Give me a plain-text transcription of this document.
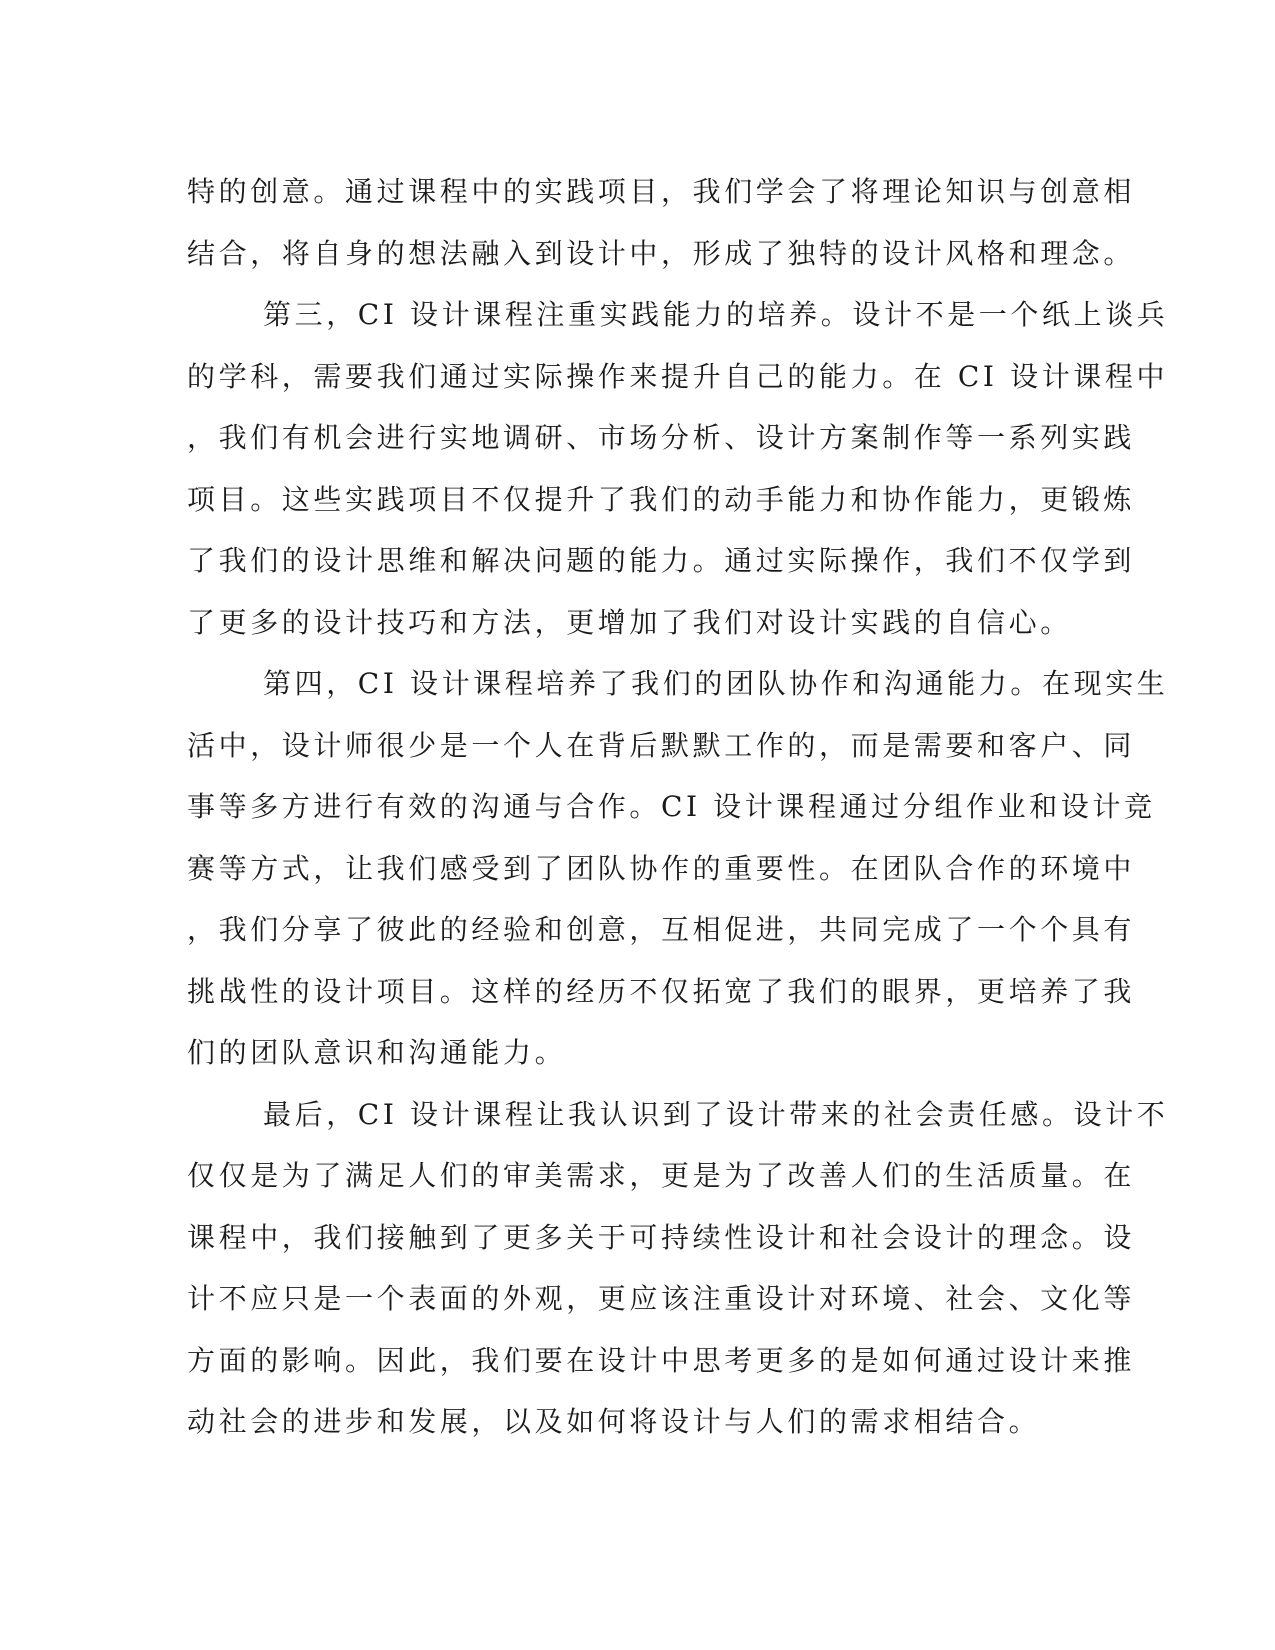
特的创意。通过课程中的实践项目，我们学会了将理论知识与创意相
结合，将自身的想法融入到设计中，形成了独特的设计风格和理念。
第三，CI 设计课程注重实践能力的培养。设计不是一个纸上谈兵
的学科，需要我们通过实际操作来提升自己的能力。在 CI 设计课程中
，我们有机会进行实地调研、市场分析、设计方案制作等一系列实践
项目。这些实践项目不仅提升了我们的动手能力和协作能力，更锻炼
了我们的设计思维和解决问题的能力。通过实际操作，我们不仅学到
了更多的设计技巧和方法，更增加了我们对设计实践的自信心。
第四，CI 设计课程培养了我们的团队协作和沟通能力。在现实生
活中，设计师很少是一个人在背后默默工作的，而是需要和客户、同
事等多方进行有效的沟通与合作。CI 设计课程通过分组作业和设计竞
赛等方式，让我们感受到了团队协作的重要性。在团队合作的环境中
，我们分享了彼此的经验和创意，互相促进，共同完成了一个个具有
挑战性的设计项目。这样的经历不仅拓宽了我们的眼界，更培养了我
们的团队意识和沟通能力。
最后，CI 设计课程让我认识到了设计带来的社会责任感。设计不
仅仅是为了满足人们的审美需求，更是为了改善人们的生活质量。在
课程中，我们接触到了更多关于可持续性设计和社会设计的理念。设
计不应只是一个表面的外观，更应该注重设计对环境、社会、文化等
方面的影响。因此，我们要在设计中思考更多的是如何通过设计来推
动社会的进步和发展，以及如何将设计与人们的需求相结合。
